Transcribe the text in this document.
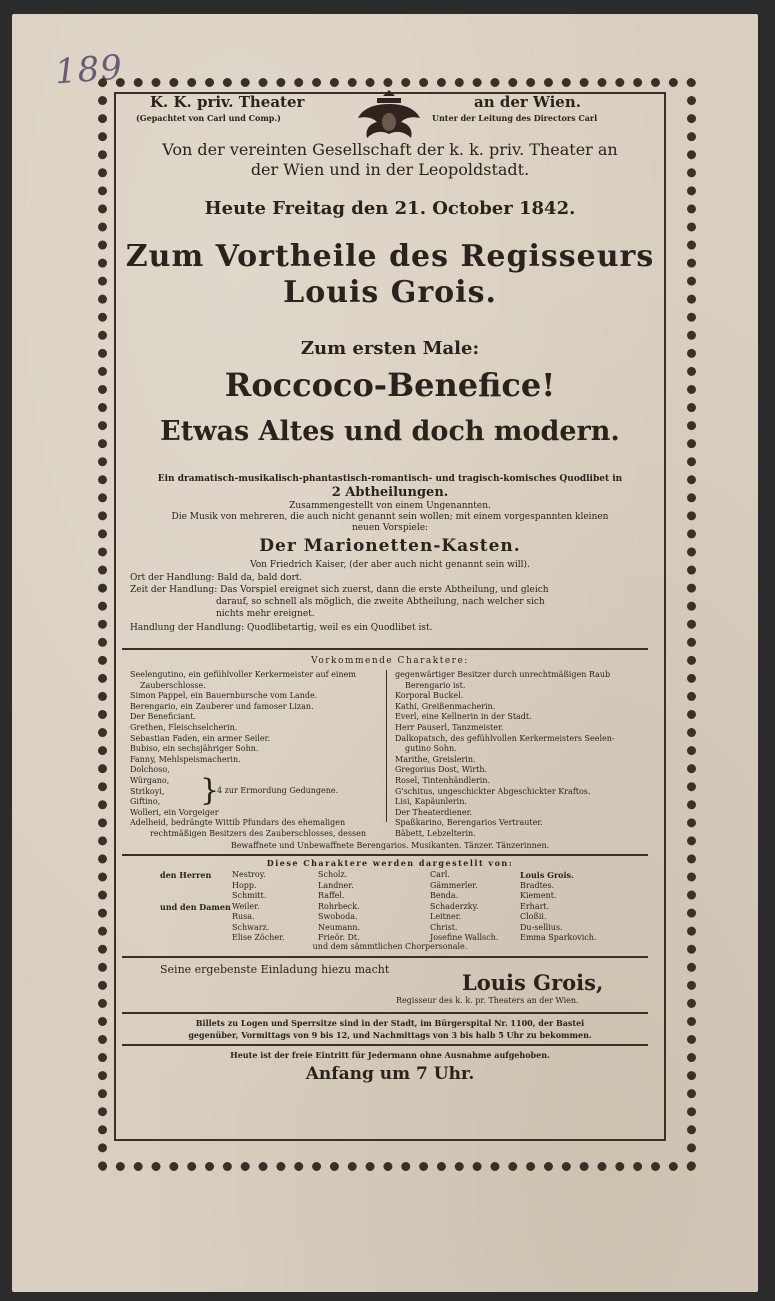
189
K. K. priv. Theater
(Gepachtet von Carl und Comp.)
an der Wien.
Unter der Leitung des Directors Carl
Von der vereinten Gesellschaft der k. k. priv. Theater an
der Wien und in der Leopoldstadt.
Heute Freitag den 21. October 1842.
Zum Vortheile des Regisseurs
Louis Grois.
Zum ersten Male:
Roccoco-Benefice!
Etwas Altes und doch modern.
Ein dramatisch-musikalisch-phantastisch-romantisch- und tragisch-komisches Quodlibet in
2 Abtheilungen.
Zusammengestellt von einem Ungenannten.
Die Musik von mehreren, die auch nicht genannt sein wollen; mit einem vorgespannten kleinen
neuen Vorspiele:
Der Marionetten-Kasten.
Von Friedrich Kaiser, (der aber auch nicht genannt sein will).
Ort der Handlung: Bald da, bald dort.
Zeit der Handlung: Das Vorspiel ereignet sich zuerst, dann die erste Abtheilung, und gleich
darauf, so schnell als möglich, die zweite Abtheilung, nach welcher sich
nichts mehr ereignet.
Handlung der Handlung: Quodlibetartig, weil es ein Quodlibet ist.
Vorkommende Charaktere:
}
4 zur Ermordung Gedungene.
Bewaffnete und Unbewaffnete Berengarios. Musikanten. Tänzer. Tänzerinnen.
Diese Charaktere werden dargestellt von:
den Herren
und den Damen
und dem sämmtlichen Chorpersonale.
Seine ergebenste Einladung hiezu macht
Louis Grois,
Regisseur des k. k. pr. Theaters an der Wien.
Billets zu Logen und Sperrsitze sind in der Stadt, im Bürgerspital Nr. 1100, der Bastei
gegenüber, Vormittags von 9 bis 12, und Nachmittags von 3 bis halb 5 Uhr zu bekommen.
Heute ist der freie Eintritt für Jedermann ohne Ausnahme aufgehoben.
Anfang um 7 Uhr.
Seelengutino, ein gefühlvoller Kerkermeister auf einem
Zauberschlosse.
Simon Pappel, ein Bauernbursche vom Lande.
Berengario, ein Zauberer und famoser Lizan.
Der Beneficiant.
Grethen, Fleischselcherin.
Sebastian Faden, ein armer Seiler.
Bubiso, ein sechsjähriger Sohn.
Fanny, Mehlspeismacherin.
Dolchoso,
Würgano,
Strikoyi,
Giftino,
Wolleri, ein Vorgeiger
Adelheid, bedrängte Wittib Pfundars des ehemaligen
rechtmäßigen Besitzers des Zauberschlosses, dessen
gegenwärtiger Besitzer durch unrechtmäßigen Raub
Berengario ist.
Korporal Buckel.
Kathi, Greißenmacherin.
Everl, eine Kellnerin in der Stadt.
Herr Pauserl, Tanzmeister.
Dalkopatsch, des gefühlvollen Kerkermeisters Seelen-
gutino Sohn.
Marithe, Greislerin.
Gregorius Dost, Wirth.
Rosel, Tintenhändlerin.
G'schitus, ungeschickter Abgeschickter Kraftos.
Lisi, Kapäunlerin.
Der Theaterdiener.
Spaßkarino, Berengarios Vertrauter.
Bäbett, Lebzelterin.
Nestroy.
Hopp.
Schmitt.
Weiler.
Rusa.
Schwarz.
Elise Zöcher.
Scholz.
Landner.
Raffel.
Rohrbeck.
Swoboda.
Neumann.
Frieör. Dt.
Carl.
Gämmerler.
Benda.
Schaderzky.
Leitner.
Christ.
Josefine Wallsch.
Louis Grois.
Bradtes.
Kiement.
Erhart.
Cloßii.
Du-sellius.
Emma Sparkovich.
